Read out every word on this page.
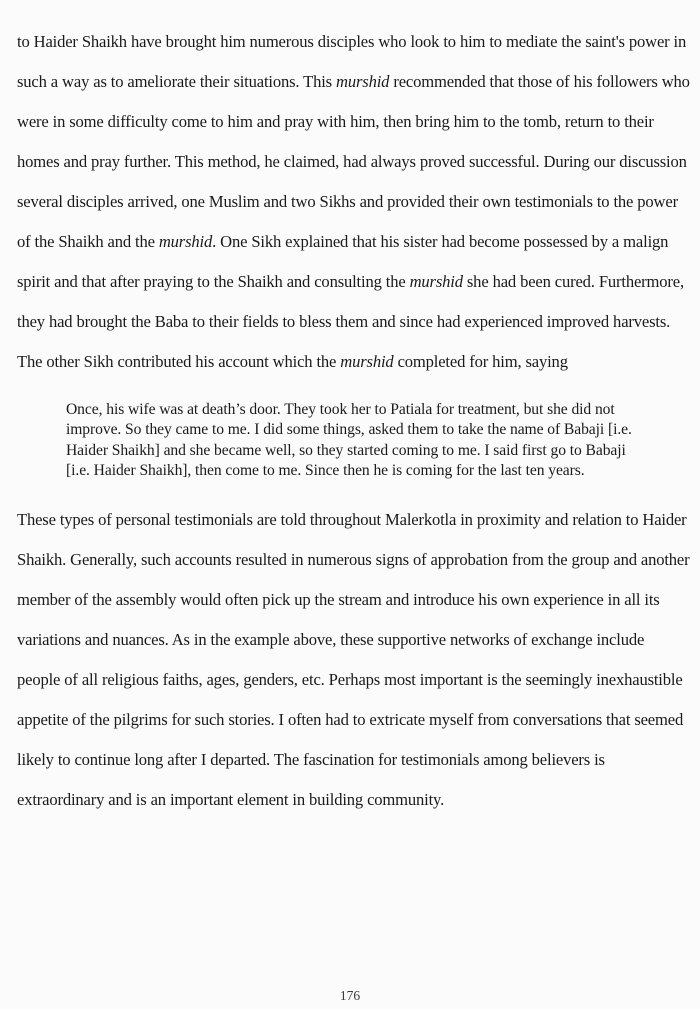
to Haider Shaikh have brought him numerous disciples who look to him to mediate the saint's power in such a way as to ameliorate their situations. This murshid recommended that those of his followers who were in some difficulty come to him and pray with him, then bring him to the tomb, return to their homes and pray further. This method, he claimed, had always proved successful. During our discussion several disciples arrived, one Muslim and two Sikhs and provided their own testimonials to the power of the Shaikh and the murshid. One Sikh explained that his sister had become possessed by a malign spirit and that after praying to the Shaikh and consulting the murshid she had been cured. Furthermore, they had brought the Baba to their fields to bless them and since had experienced improved harvests. The other Sikh contributed his account which the murshid completed for him, saying

Once, his wife was at death’s door. They took her to Patiala for treatment, but she did not improve. So they came to me. I did some things, asked them to take the name of Babaji [i.e. Haider Shaikh] and she became well, so they started coming to me. I said first go to Babaji [i.e. Haider Shaikh], then come to me. Since then he is coming for the last ten years.

These types of personal testimonials are told throughout Malerkotla in proximity and relation to Haider Shaikh. Generally, such accounts resulted in numerous signs of approbation from the group and another member of the assembly would often pick up the stream and introduce his own experience in all its variations and nuances. As in the example above, these supportive networks of exchange include people of all religious faiths, ages, genders, etc. Perhaps most important is the seemingly inexhaustible appetite of the pilgrims for such stories. I often had to extricate myself from conversations that seemed likely to continue long after I departed. The fascination for testimonials among believers is extraordinary and is an important element in building community.

176
